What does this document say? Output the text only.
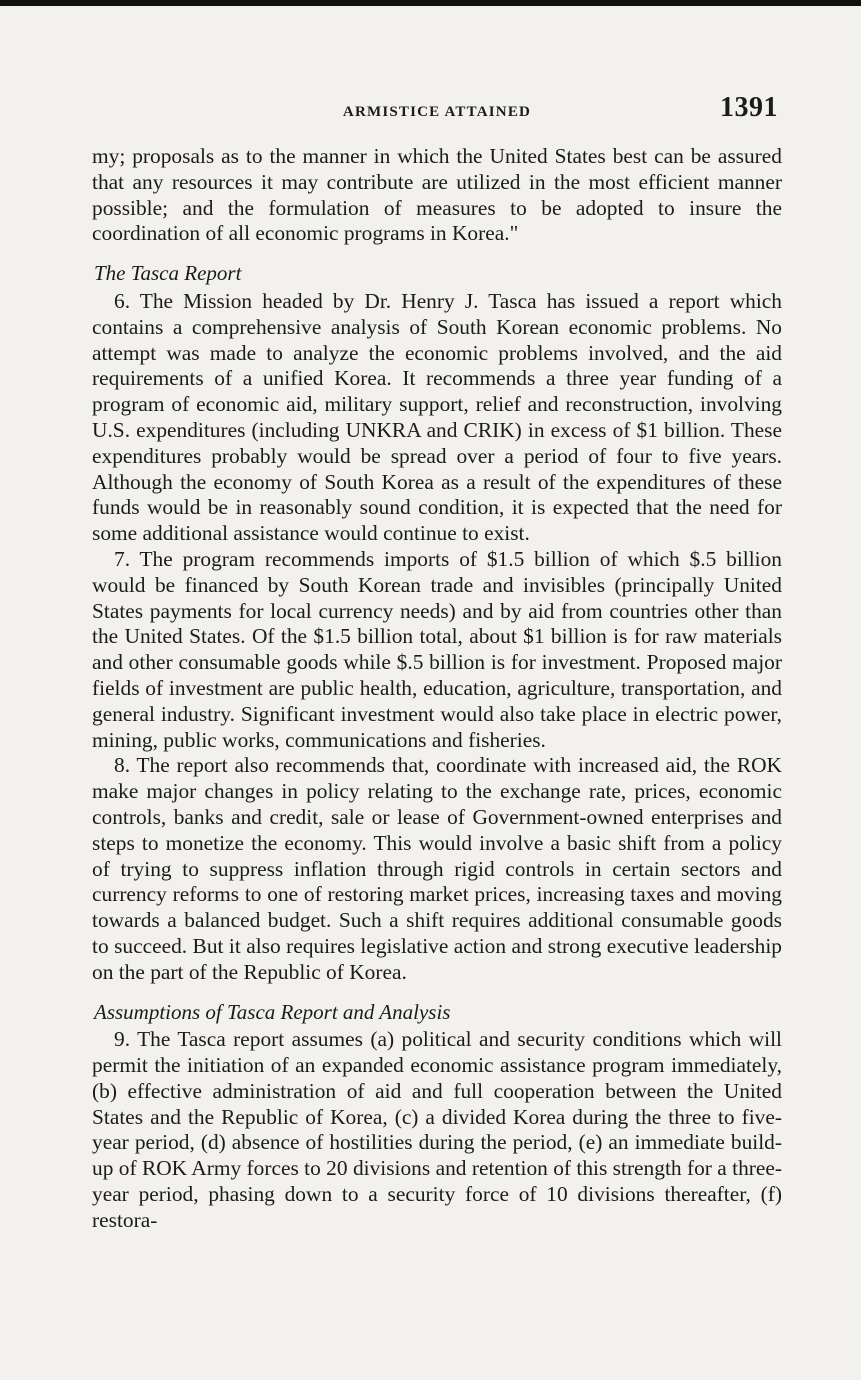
ARMISTICE ATTAINED	1391

my; proposals as to the manner in which the United States best can be assured that any resources it may contribute are utilized in the most efficient manner possible; and the formulation of measures to be adopted to insure the coordination of all economic programs in Korea."

The Tasca Report

6. The Mission headed by Dr. Henry J. Tasca has issued a report which contains a comprehensive analysis of South Korean economic problems. No attempt was made to analyze the economic problems involved, and the aid requirements of a unified Korea. It recommends a three year funding of a program of economic aid, military support, relief and reconstruction, involving U.S. expenditures (including UNKRA and CRIK) in excess of $1 billion. These expenditures probably would be spread over a period of four to five years. Although the economy of South Korea as a result of the expenditures of these funds would be in reasonably sound condition, it is expected that the need for some additional assistance would continue to exist.

7. The program recommends imports of $1.5 billion of which $.5 billion would be financed by South Korean trade and invisibles (principally United States payments for local currency needs) and by aid from countries other than the United States. Of the $1.5 billion total, about $1 billion is for raw materials and other consumable goods while $.5 billion is for investment. Proposed major fields of investment are public health, education, agriculture, transportation, and general industry. Significant investment would also take place in electric power, mining, public works, communications and fisheries.

8. The report also recommends that, coordinate with increased aid, the ROK make major changes in policy relating to the exchange rate, prices, economic controls, banks and credit, sale or lease of Government-owned enterprises and steps to monetize the economy. This would involve a basic shift from a policy of trying to suppress inflation through rigid controls in certain sectors and currency reforms to one of restoring market prices, increasing taxes and moving towards a balanced budget. Such a shift requires additional consumable goods to succeed. But it also requires legislative action and strong executive leadership on the part of the Republic of Korea.

Assumptions of Tasca Report and Analysis

9. The Tasca report assumes (a) political and security conditions which will permit the initiation of an expanded economic assistance program immediately, (b) effective administration of aid and full cooperation between the United States and the Republic of Korea, (c) a divided Korea during the three to five-year period, (d) absence of hostilities during the period, (e) an immediate build-up of ROK Army forces to 20 divisions and retention of this strength for a three-year period, phasing down to a security force of 10 divisions thereafter, (f) restora-
